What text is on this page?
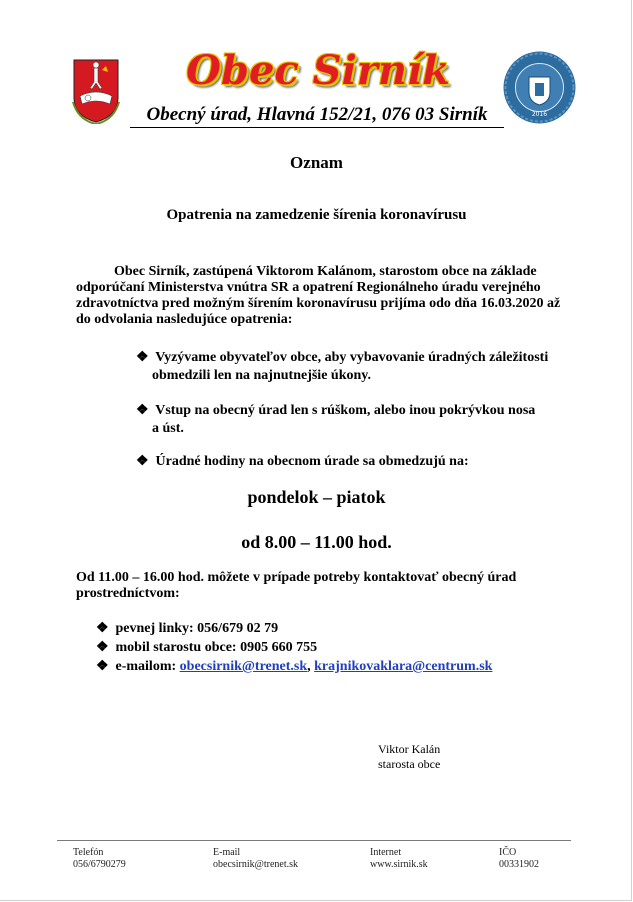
Obec Sirník
2016
Obecný úrad, Hlavná 152/21, 076 03 Sirník
Oznam
Opatrenia na zamedzenie šírenia koronavírusu
Obec Sirník, zastúpená Viktorom Kalánom, starostom obce na základe odporúčaní Ministerstva vnútra SR a opatrení Regionálneho úradu verejného zdravotníctva pred možným šírením koronavírusu prijíma odo dňa 16.03.2020 až do odvolania nasledujúce opatrenia:
❖ Vyzývame obyvateľov obce, aby vybavovanie úradných záležitosti
obmedzili len na najnutnejšie úkony.
❖ Vstup na obecný úrad len s rúškom, alebo inou pokrývkou nosa
a úst.
❖ Úradné hodiny na obecnom úrade sa obmedzujú na:
pondelok – piatok
od 8.00 – 11.00 hod.
Od 11.00 – 16.00 hod. môžete v prípade potreby kontaktovať obecný úrad prostredníctvom:
❖ pevnej linky: 056/679 02 79
❖ mobil starostu obce: 0905 660 755
❖ e-mailom: obecsirnik@trenet.sk, krajnikovaklara@centrum.sk
Viktor Kalán
starosta obce
Telefón
056/6790279
E-mail
obecsirnik@trenet.sk
Internet
www.sirnik.sk
IČO
00331902
